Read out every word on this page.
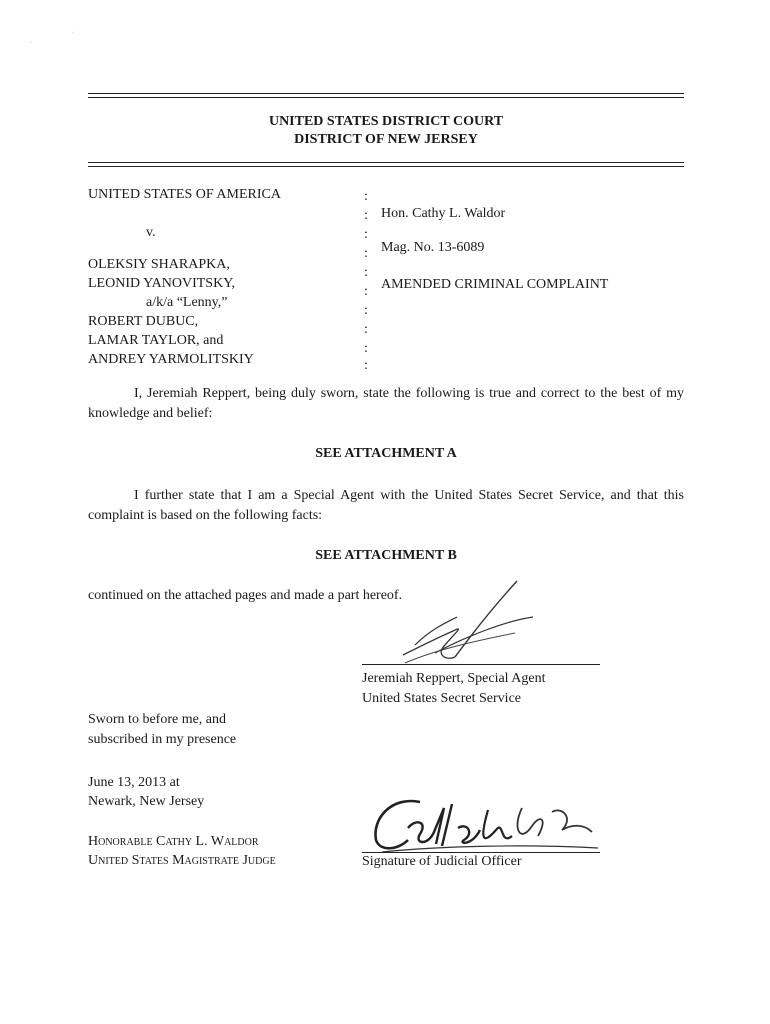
·
·
UNITED STATES DISTRICT COURT
DISTRICT OF NEW JERSEY
UNITED STATES OF AMERICA
v.
OLEKSIY SHARAPKA,
LEONID YANOVITSKY,
a/k/a “Lenny,”
ROBERT DUBUC,
LAMAR TAYLOR, and
ANDREY YARMOLITSKIY
:
:
:
:
:
:
:
:
:
:
Hon. Cathy L. Waldor
Mag. No. 13-6089
AMENDED CRIMINAL COMPLAINT
I, Jeremiah Reppert, being duly sworn, state the following is true and correct to the best of my knowledge and belief:
SEE ATTACHMENT A
I further state that I am a Special Agent with the United States Secret Service, and that this complaint is based on the following facts:
SEE ATTACHMENT B
continued on the attached pages and made a part hereof.
Jeremiah Reppert, Special Agent
United States Secret Service
Sworn to before me, and
subscribed in my presence
June 13, 2013 at
Newark, New Jersey
Honorable Cathy L. Waldor
United States Magistrate Judge	Signature of Judicial Officer
